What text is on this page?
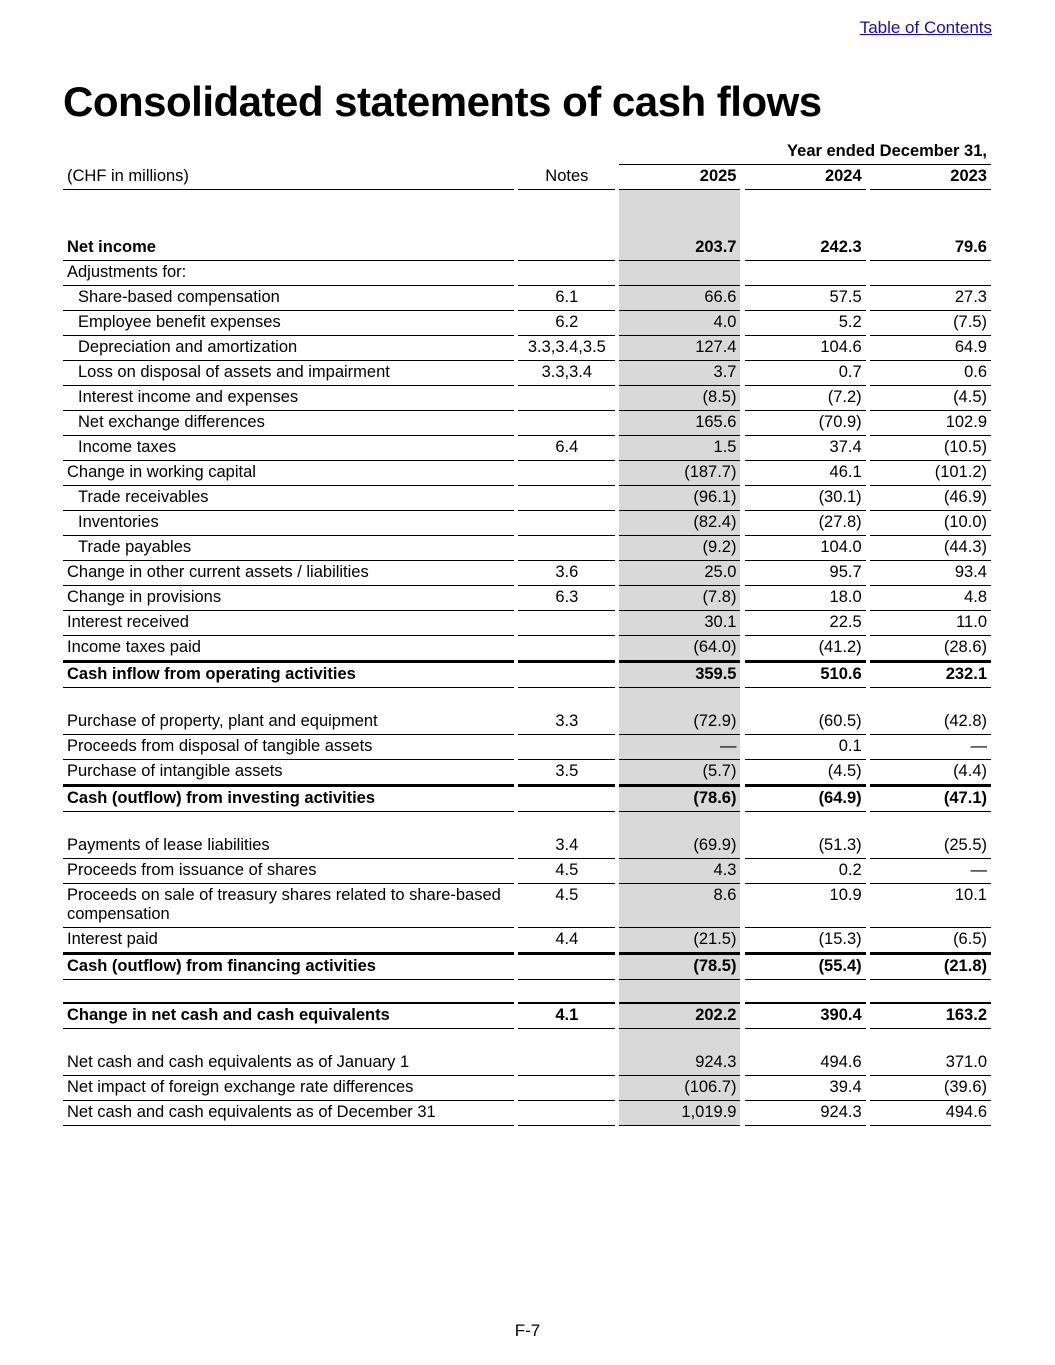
Table of Contents
Consolidated statements of cash flows
				Year ended December 31,				
(CHF in millions)		Notes		2025		2024		2023

Net income				203.7		242.3		79.6
Adjustments for:								
Share-based compensation		6.1		66.6		57.5		27.3
Employee benefit expenses		6.2		4.0		5.2		(7.5)
Depreciation and amortization		3.3,3.4,3.5		127.4		104.6		64.9
Loss on disposal of assets and impairment		3.3,3.4		3.7		0.7		0.6
Interest income and expenses				(8.5)		(7.2)		(4.5)
Net exchange differences				165.6		(70.9)		102.9
Income taxes		6.4		1.5		37.4		(10.5)
Change in working capital				(187.7)		46.1		(101.2)
Trade receivables				(96.1)		(30.1)		(46.9)
Inventories				(82.4)		(27.8)		(10.0)
Trade payables				(9.2)		104.0		(44.3)
Change in other current assets / liabilities		3.6		25.0		95.7		93.4
Change in provisions		6.3		(7.8)		18.0		4.8
Interest received				30.1		22.5		11.0
Income taxes paid				(64.0)		(41.2)		(28.6)
Cash inflow from operating activities				359.5		510.6		232.1

Purchase of property, plant and equipment		3.3		(72.9)		(60.5)		(42.8)
Proceeds from disposal of tangible assets				—		0.1		—
Purchase of intangible assets		3.5		(5.7)		(4.5)		(4.4)
Cash (outflow) from investing activities				(78.6)		(64.9)		(47.1)

Payments of lease liabilities		3.4		(69.9)		(51.3)		(25.5)
Proceeds from issuance of shares		4.5		4.3		0.2		—
Proceeds on sale of treasury shares related to share-based compensation		4.5		8.6		10.9		10.1
Interest paid		4.4		(21.5)		(15.3)		(6.5)
Cash (outflow) from financing activities				(78.5)		(55.4)		(21.8)

Change in net cash and cash equivalents		4.1		202.2		390.4		163.2

Net cash and cash equivalents as of January 1				924.3		494.6		371.0
Net impact of foreign exchange rate differences				(106.7)		39.4		(39.6)
Net cash and cash equivalents as of December 31				1,019.9		924.3		494.6
F-7
